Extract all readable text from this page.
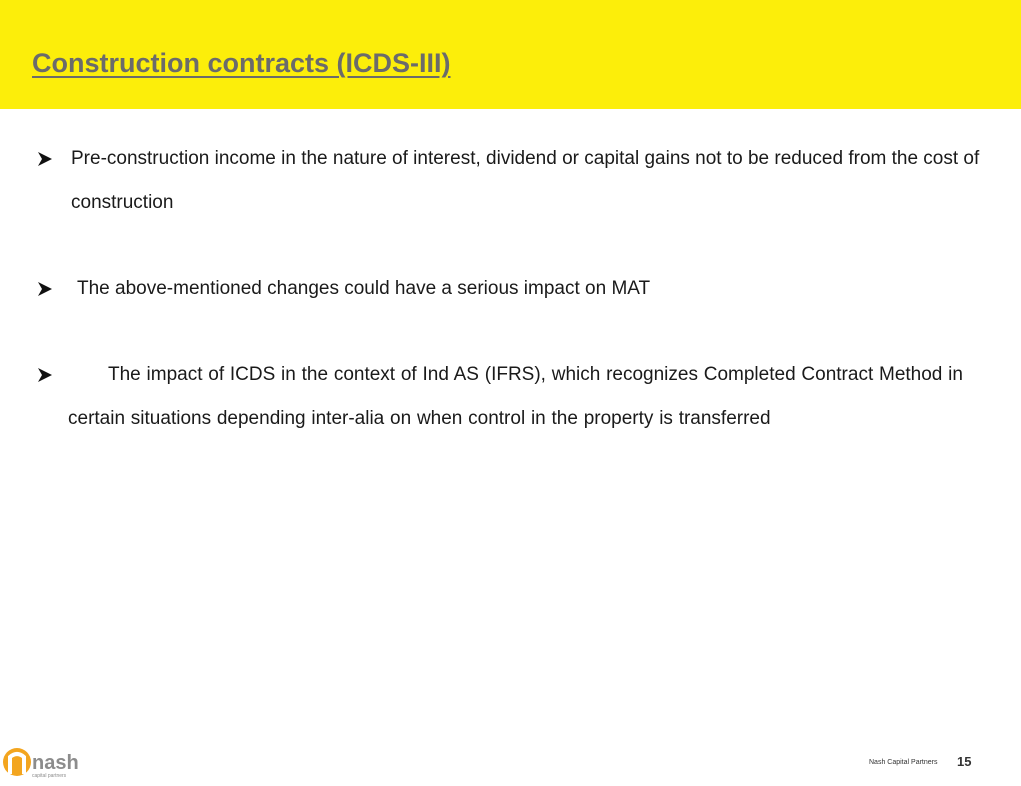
Construction contracts (ICDS-III)
Pre-construction income in the nature of interest, dividend or capital gains not to be reduced from the cost of construction
The above-mentioned changes could have a serious impact on MAT
The impact of ICDS in the context of Ind AS (IFRS), which recognizes Completed Contract Method in certain situations depending inter-alia on when control in the property is transferred
nash
capital partners
Nash Capital Partners 15
